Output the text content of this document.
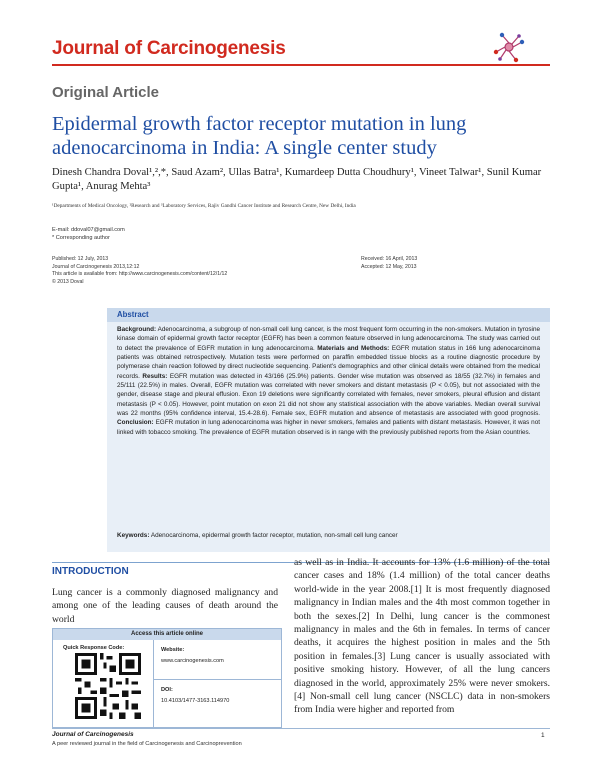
Journal of Carcinogenesis
Original Article
Epidermal growth factor receptor mutation in lung adenocarcinoma in India: A single center study
Dinesh Chandra Doval¹,²,*, Saud Azam², Ullas Batra¹, Kumardeep Dutta Choudhury¹, Vineet Talwar¹, Sunil Kumar Gupta¹, Anurag Mehta³
¹Departments of Medical Oncology, ²Research and ³Laboratory Services, Rajiv Gandhi Cancer Institute and Research Centre, New Delhi, India
E-mail: ddoval07@gmail.com
* Corresponding author
Published: 12 July, 2013
Journal of Carcinogenesis 2013,12:12
This article is available from: http://www.carcinogenesis.com/content/12/1/12
© 2013 Doval
Received: 16 April, 2013
Accepted: 12 May, 2013
Abstract
Background: Adenocarcinoma, a subgroup of non-small cell lung cancer, is the most frequent form occurring in the non-smokers. Mutation in tyrosine kinase domain of epidermal growth factor receptor (EGFR) has been a common feature observed in lung adenocarcinoma. The study was carried out to detect the prevalence of EGFR mutation in lung adenocarcinoma. Materials and Methods: EGFR mutation status in 166 lung adenocarcinoma patients was obtained retrospectively. Mutation tests were performed on paraffin embedded tissue blocks as a routine diagnostic procedure by polymerase chain reaction followed by direct nucleotide sequencing. Patient's demographics and other clinical details were obtained from the medical records. Results: EGFR mutation was detected in 43/166 (25.9%) patients. Gender wise mutation was observed as 18/55 (32.7%) in females and 25/111 (22.5%) in males. Overall, EGFR mutation was correlated with never smokers and distant metastasis (P < 0.05), but not associated with the gender, disease stage and pleural effusion. Exon 19 deletions were significantly correlated with females, never smokers, pleural effusion and distant metastasis (P < 0.05). However, point mutation on exon 21 did not show any statistical association with the above variables. Median overall survival was 22 months (95% confidence interval, 15.4-28.6). Female sex, EGFR mutation and absence of metastasis are associated with good prognosis. Conclusion: EGFR mutation in lung adenocarcinoma was higher in never smokers, females and patients with distant metastasis. However, it was not linked with tobacco smoking. The prevalence of EGFR mutation observed is in range with the previously published reports from the Asian countries.
Keywords: Adenocarcinoma, epidermal growth factor receptor, mutation, non-small cell lung cancer
INTRODUCTION
Lung cancer is a commonly diagnosed malignancy and among one of the leading causes of death around the world
as well as in India. It accounts for 13% (1.6 million) of the total cancer cases and 18% (1.4 million) of the total cancer deaths world-wide in the year 2008.[1] It is most frequently diagnosed malignancy in Indian males and the 4th most common together in both the sexes.[2] In Delhi, lung cancer is the commonest malignancy in males and the 6th in females. In terms of cancer deaths, it acquires the highest position in males and the 5th position in females.[3] Lung cancer is usually associated with positive smoking history. However, of all the lung cancers diagnosed in the world, approximately 25% were never smokers.[4] Non-small cell lung cancer (NSCLC) data in non-smokers from India were higher and reported from
Access this article online
Quick Response Code:	Website:
www.carcinogenesis.com
DOI:
10.4103/1477-3163.114970
Journal of Carcinogenesis
A peer reviewed journal in the field of Carcinogenesis and Carcinoprevention
1
